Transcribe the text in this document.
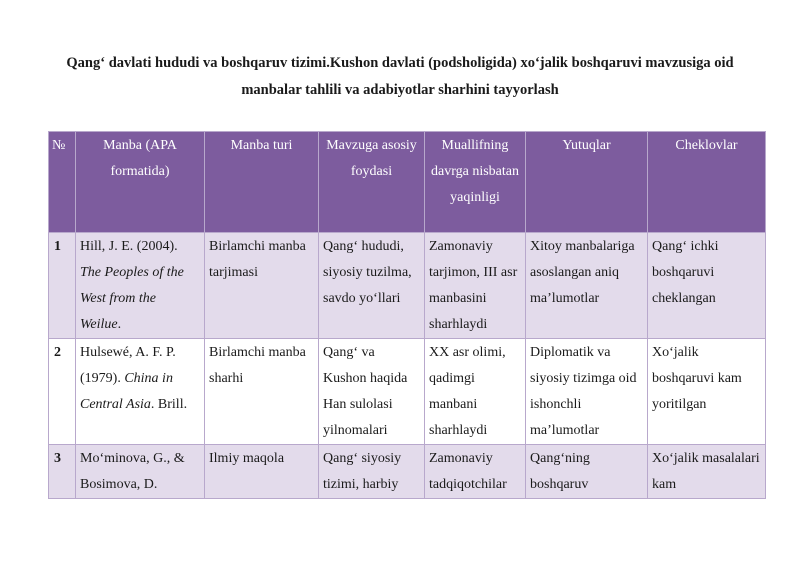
Qang‘ davlati hududi va boshqaruv tizimi.Kushon davlati (podsholigida) xo‘jalik boshqaruvi mavzusiga oid manbalar tahlili va adabiyotlar sharhini tayyorlash
№	Manba (APA formatida)	Manba turi	Mavzuga asosiy foydasi	Muallifning davrga nisbatan yaqinligi	Yutuqlar	Cheklovlar
1	Hill, J. E. (2004). The Peoples of the West from the Weilue.	Birlamchi manba tarjimasi	Qang‘ hududi, siyosiy tuzilma, savdo yo‘llari	Zamonaviy tarjimon, III asr manbasini sharhlaydi	Xitoy manbalariga asoslangan aniq ma’lumotlar	Qang‘ ichki boshqaruvi cheklangan
2	Hulsewé, A. F. P. (1979). China in Central Asia. Brill.	Birlamchi manba sharhi	Qang‘ va Kushon haqida Han sulolasi yilnomalari	XX asr olimi, qadimgi manbani sharhlaydi	Diplomatik va siyosiy tizimga oid ishonchli ma’lumotlar	Xo‘jalik boshqaruvi kam yoritilgan
3	Mo‘minova, G., & Bosimova, D.	Ilmiy maqola	Qang‘ siyosiy tizimi, harbiy	Zamonaviy tadqiqotchilar	Qang‘ning boshqaruv	Xo‘jalik masalalari kam
